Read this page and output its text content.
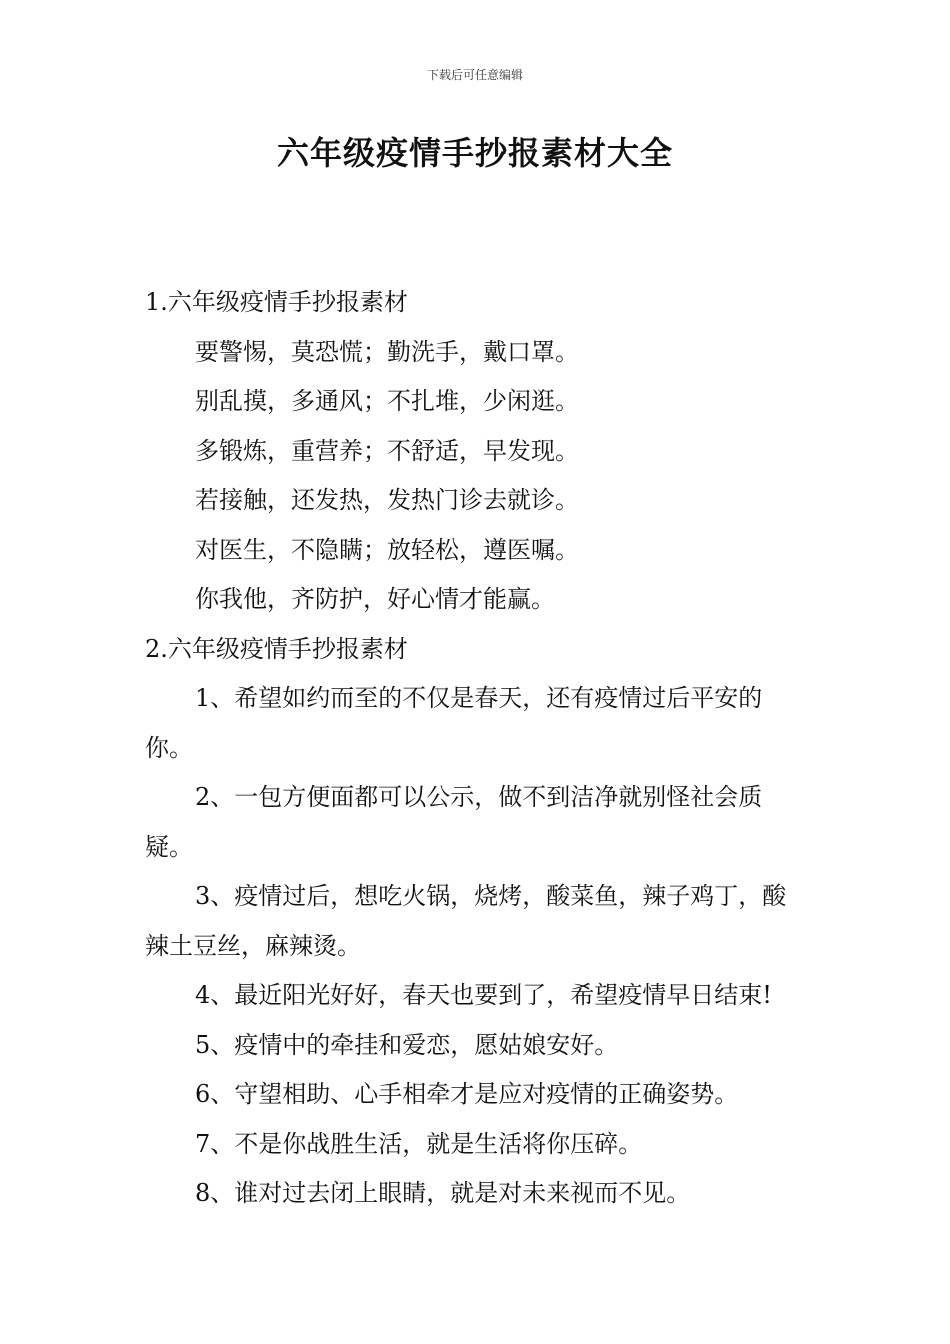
下载后可任意编辑
六年级疫情手抄报素材大全

1.六年级疫情手抄报素材

要警惕，莫恐慌；勤洗手，戴口罩。

别乱摸，多通风；不扎堆，少闲逛。

多锻炼，重营养；不舒适，早发现。

若接触，还发热，发热门诊去就诊。

对医生，不隐瞒；放轻松，遵医嘱。

你我他，齐防护，好心情才能赢。

2.六年级疫情手抄报素材

1、希望如约而至的不仅是春天，还有疫情过后平安的你。

2、一包方便面都可以公示，做不到洁净就别怪社会质疑。

3、疫情过后，想吃火锅，烧烤，酸菜鱼，辣子鸡丁，酸辣土豆丝，麻辣烫。

4、最近阳光好好，春天也要到了，希望疫情早日结束!

5、疫情中的牵挂和爱恋，愿姑娘安好。

6、守望相助、心手相牵才是应对疫情的正确姿势。

7、不是你战胜生活，就是生活将你压碎。

8、谁对过去闭上眼睛，就是对未来视而不见。
